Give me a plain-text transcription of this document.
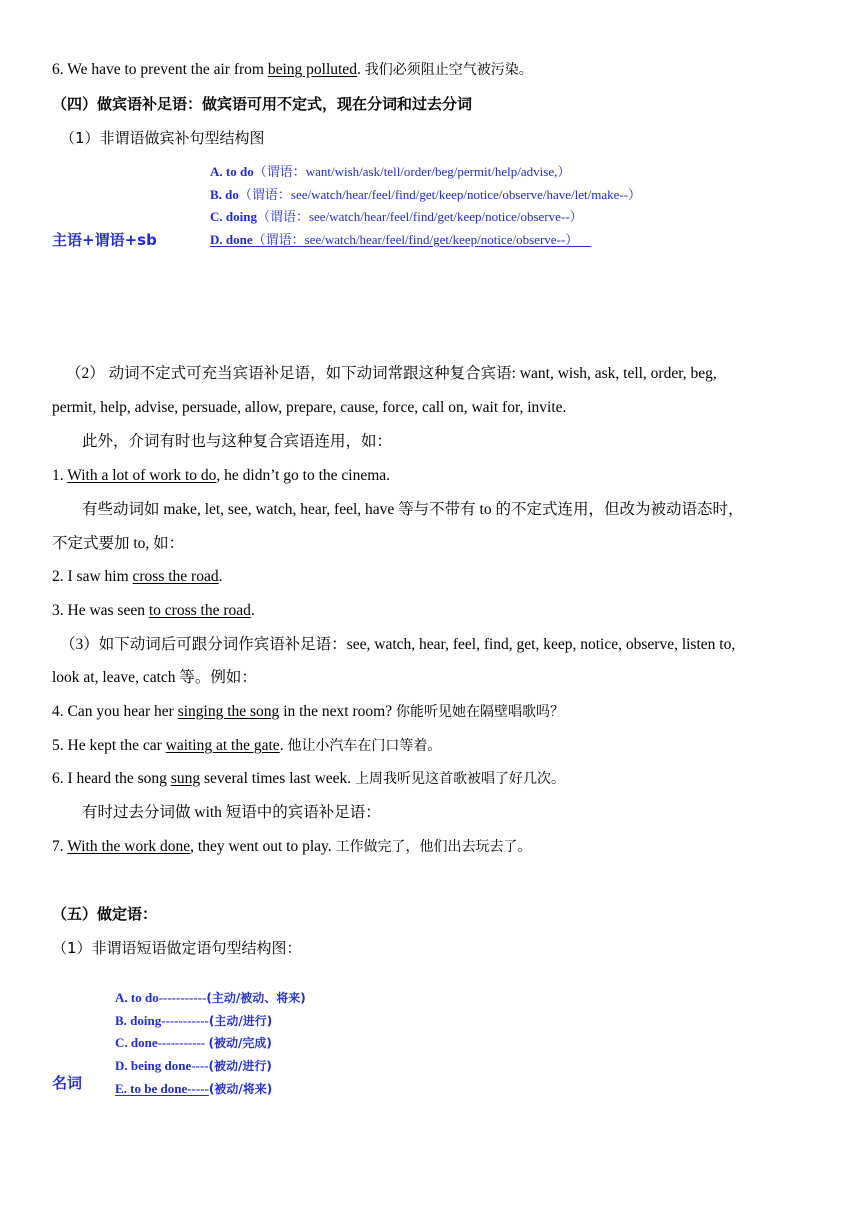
6. We have to prevent the air from being polluted. 我们必须阻止空气被污染。
（四）做宾语补足语：做宾语可用不定式，现在分词和过去分词
（1）非谓语做宾补句型结构图
主语+谓语+sb
A. to do（谓语：want/wish/ask/tell/order/beg/permit/help/advise,）
B. do（谓语：see/watch/hear/feel/find/get/keep/notice/observe/have/let/make--）
C. doing（谓语：see/watch/hear/feel/find/get/keep/notice/observe--）
D. done（谓语：see/watch/hear/feel/find/get/keep/notice/observe--）
（2） 动词不定式可充当宾语补足语，如下动词常跟这种复合宾语: want, wish, ask, tell, order, beg,
permit, help, advise, persuade, allow, prepare, cause, force, call on, wait for, invite.
此外，介词有时也与这种复合宾语连用，如：
1. With a lot of work to do, he didn’t go to the cinema.
有些动词如 make, let, see, watch, hear, feel, have 等与不带有 to 的不定式连用，但改为被动语态时，
不定式要加 to, 如：
2. I saw him cross the road.
3. He was seen to cross the road.
（3）如下动词后可跟分词作宾语补足语：see, watch, hear, feel, find, get, keep, notice, observe, listen to,
look at, leave, catch 等。例如：
4. Can you hear her singing the song in the next room? 你能听见她在隔壁唱歌吗？
5. He kept the car waiting at the gate. 他让小汽车在门口等着。
6. I heard the song sung several times last week. 上周我听见这首歌被唱了好几次。
有时过去分词做 with 短语中的宾语补足语：
7. With the work done, they went out to play. 工作做完了，他们出去玩去了。
（五）做定语：
（1）非谓语短语做定语句型结构图：
名词
A. to do-----------(主动/被动、将来)
B. doing-----------(主动/进行)
C. done----------- (被动/完成)
D. being done----(被动/进行)
E. to be done-----(被动/将来)
